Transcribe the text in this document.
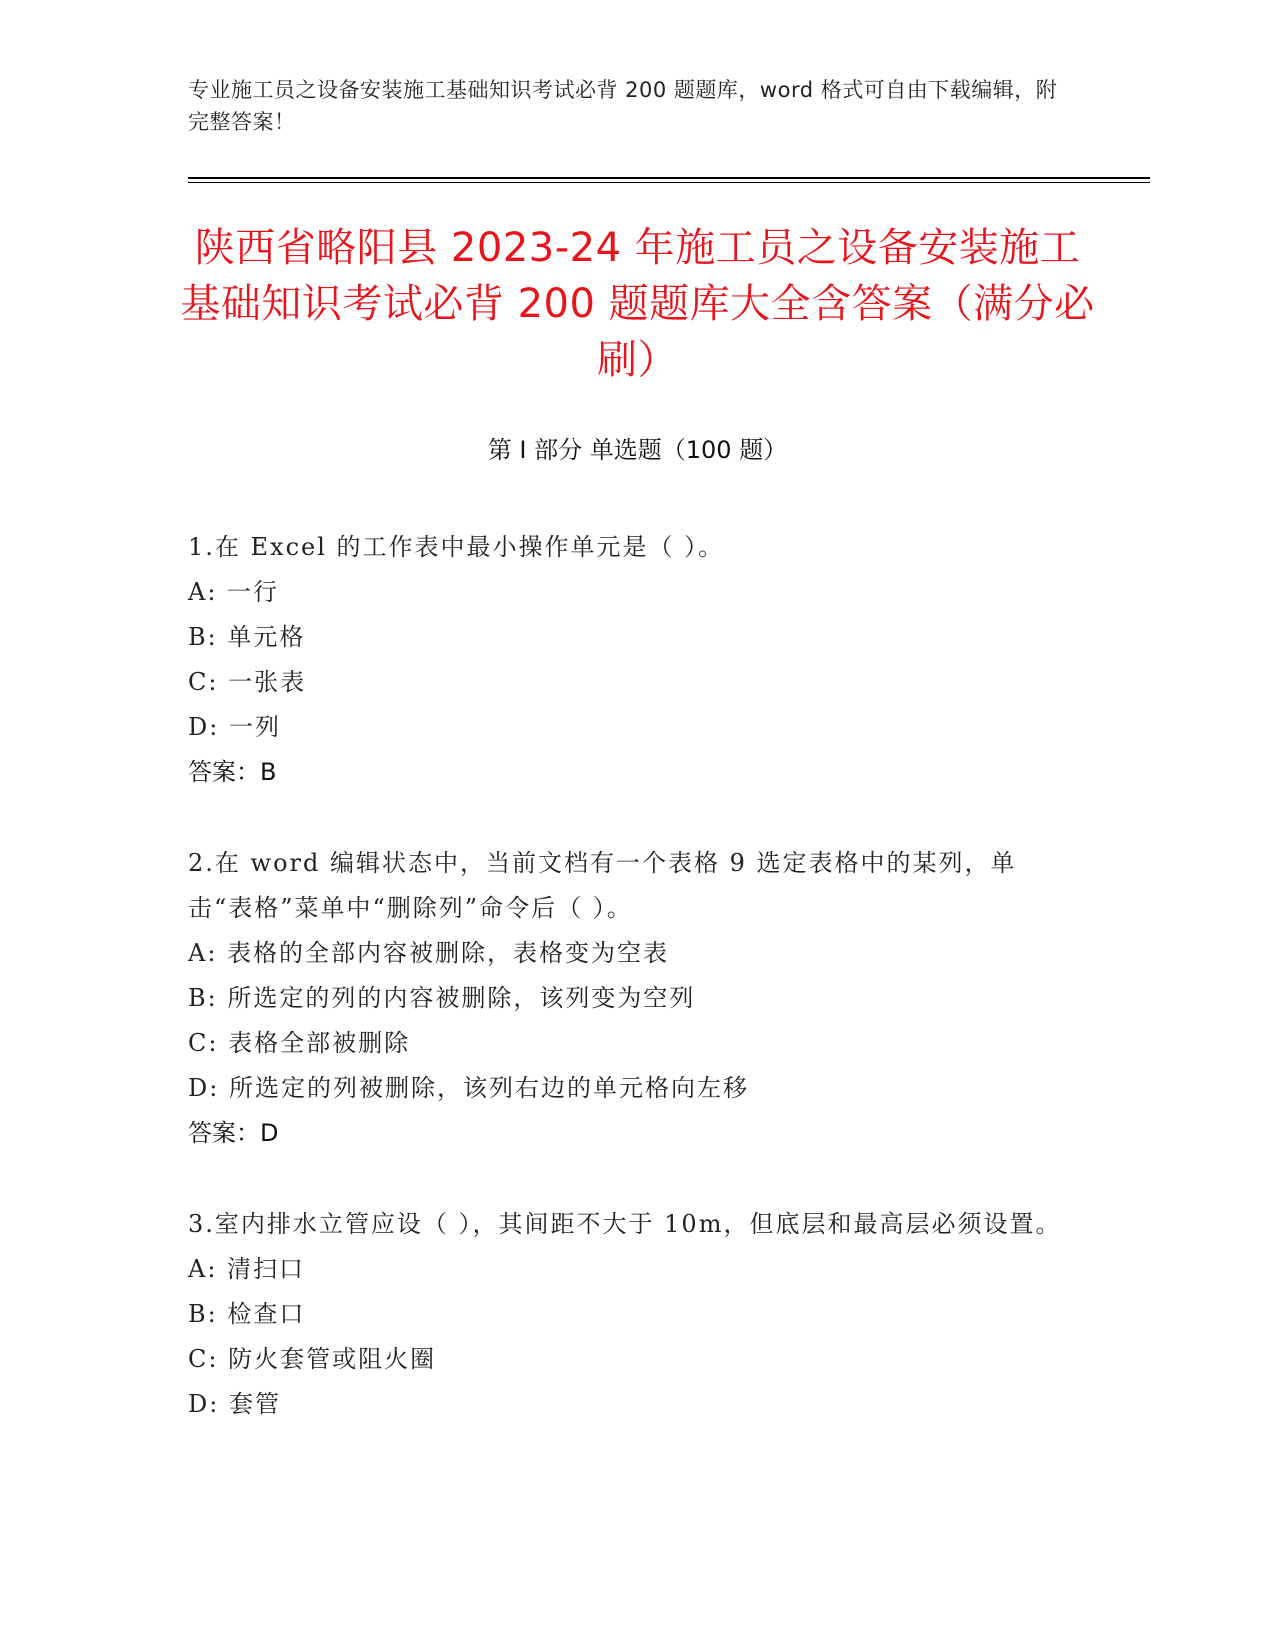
专业施工员之设备安装施工基础知识考试必背 200 题题库，word 格式可自由下载编辑，附完整答案！
陕西省略阳县 2023-24 年施工员之设备安装施工基础知识考试必背 200 题题库大全含答案（满分必刷）
第 I 部分 单选题（100 题）

1.在 Excel 的工作表中最小操作单元是（ ）。

A: 一行

B: 单元格

C: 一张表

D: 一列

答案：B

2.在 word 编辑状态中，当前文档有一个表格 9 选定表格中的某列，单击“表格”菜单中“删除列”命令后（ ）。

A: 表格的全部内容被删除，表格变为空表

B: 所选定的列的内容被删除，该列变为空列

C: 表格全部被删除

D: 所选定的列被删除，该列右边的单元格向左移

答案：D

3.室内排水立管应设（ ），其间距不大于 10m，但底层和最高层必须设置。

A: 清扫口

B: 检查口

C: 防火套管或阻火圈

D: 套管
